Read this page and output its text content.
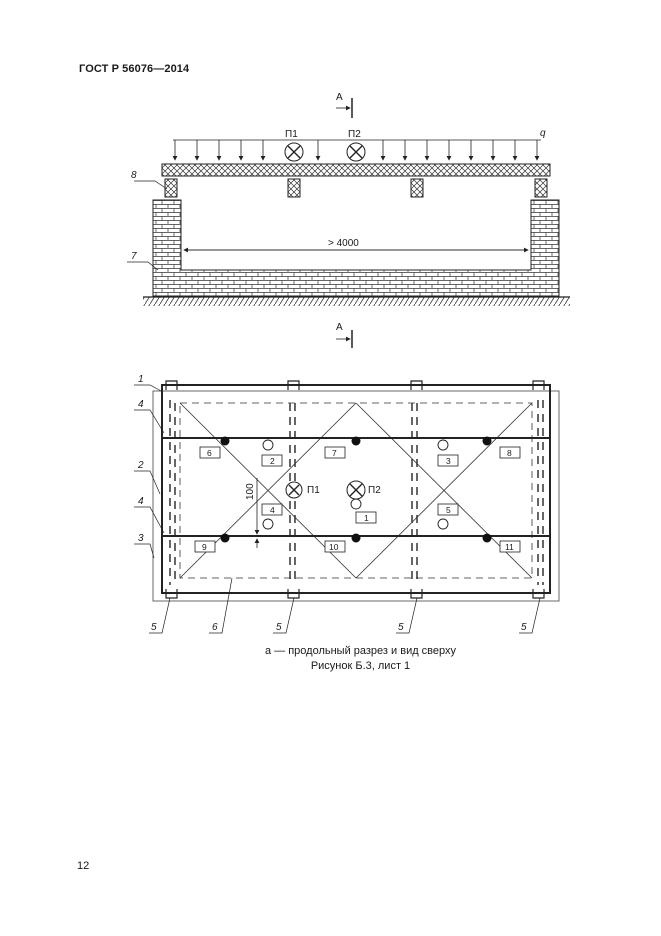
ГОСТ Р 56076—2014
А
А
q
П1	П2
> 4000
8
7
П1	П2
100
1
2	3
4	5
6	7	8
9	10	11
1
4
2
4
3
5	6	5	5	5
а — продольный разрез и вид сверху
Рисунок Б.3, лист 1
12
